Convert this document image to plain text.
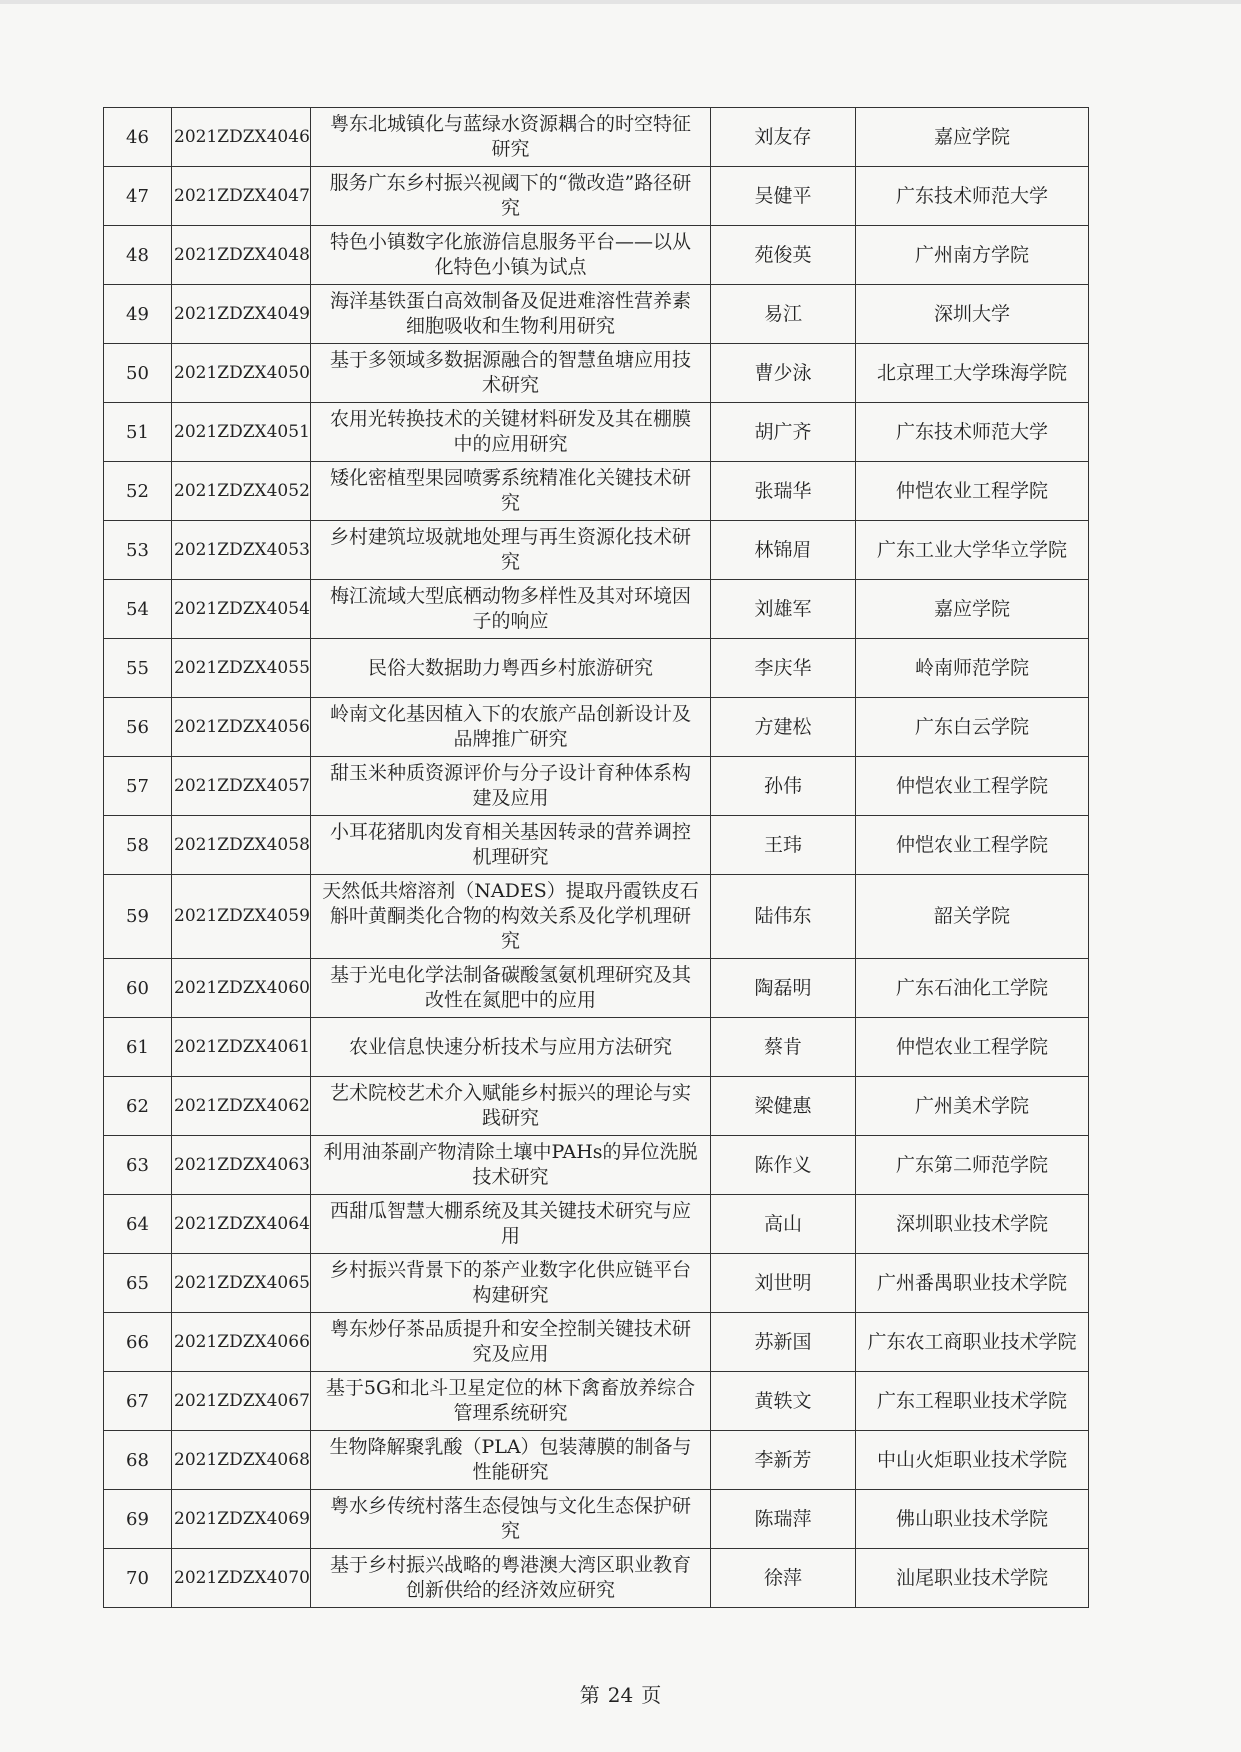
46	2021ZDZX4046	粤东北城镇化与蓝绿水资源耦合的时空特征研究	刘友存	嘉应学院
47	2021ZDZX4047	服务广东乡村振兴视阈下的“微改造”路径研究	吴健平	广东技术师范大学
48	2021ZDZX4048	特色小镇数字化旅游信息服务平台——以从化特色小镇为试点	苑俊英	广州南方学院
49	2021ZDZX4049	海洋基铁蛋白高效制备及促进难溶性营养素细胞吸收和生物利用研究	易江	深圳大学
50	2021ZDZX4050	基于多领域多数据源融合的智慧鱼塘应用技术研究	曹少泳	北京理工大学珠海学院
51	2021ZDZX4051	农用光转换技术的关键材料研发及其在棚膜中的应用研究	胡广齐	广东技术师范大学
52	2021ZDZX4052	矮化密植型果园喷雾系统精准化关键技术研究	张瑞华	仲恺农业工程学院
53	2021ZDZX4053	乡村建筑垃圾就地处理与再生资源化技术研究	林锦眉	广东工业大学华立学院
54	2021ZDZX4054	梅江流域大型底栖动物多样性及其对环境因子的响应	刘雄军	嘉应学院
55	2021ZDZX4055	民俗大数据助力粤西乡村旅游研究	李庆华	岭南师范学院
56	2021ZDZX4056	岭南文化基因植入下的农旅产品创新设计及品牌推广研究	方建松	广东白云学院
57	2021ZDZX4057	甜玉米种质资源评价与分子设计育种体系构建及应用	孙伟	仲恺农业工程学院
58	2021ZDZX4058	小耳花猪肌肉发育相关基因转录的营养调控机理研究	王玮	仲恺农业工程学院
59	2021ZDZX4059	天然低共熔溶剂（NADES）提取丹霞铁皮石斛叶黄酮类化合物的构效关系及化学机理研究	陆伟东	韶关学院
60	2021ZDZX4060	基于光电化学法制备碳酸氢氨机理研究及其改性在氮肥中的应用	陶磊明	广东石油化工学院
61	2021ZDZX4061	农业信息快速分析技术与应用方法研究	蔡肯	仲恺农业工程学院
62	2021ZDZX4062	艺术院校艺术介入赋能乡村振兴的理论与实践研究	梁健惠	广州美术学院
63	2021ZDZX4063	利用油茶副产物清除土壤中PAHs的异位洗脱技术研究	陈作义	广东第二师范学院
64	2021ZDZX4064	西甜瓜智慧大棚系统及其关键技术研究与应用	高山	深圳职业技术学院
65	2021ZDZX4065	乡村振兴背景下的茶产业数字化供应链平台构建研究	刘世明	广州番禺职业技术学院
66	2021ZDZX4066	粤东炒仔茶品质提升和安全控制关键技术研究及应用	苏新国	广东农工商职业技术学院
67	2021ZDZX4067	基于5G和北斗卫星定位的林下禽畜放养综合管理系统研究	黄轶文	广东工程职业技术学院
68	2021ZDZX4068	生物降解聚乳酸（PLA）包装薄膜的制备与性能研究	李新芳	中山火炬职业技术学院
69	2021ZDZX4069	粤水乡传统村落生态侵蚀与文化生态保护研究	陈瑞萍	佛山职业技术学院
70	2021ZDZX4070	基于乡村振兴战略的粤港澳大湾区职业教育创新供给的经济效应研究	徐萍	汕尾职业技术学院
第 24 页
